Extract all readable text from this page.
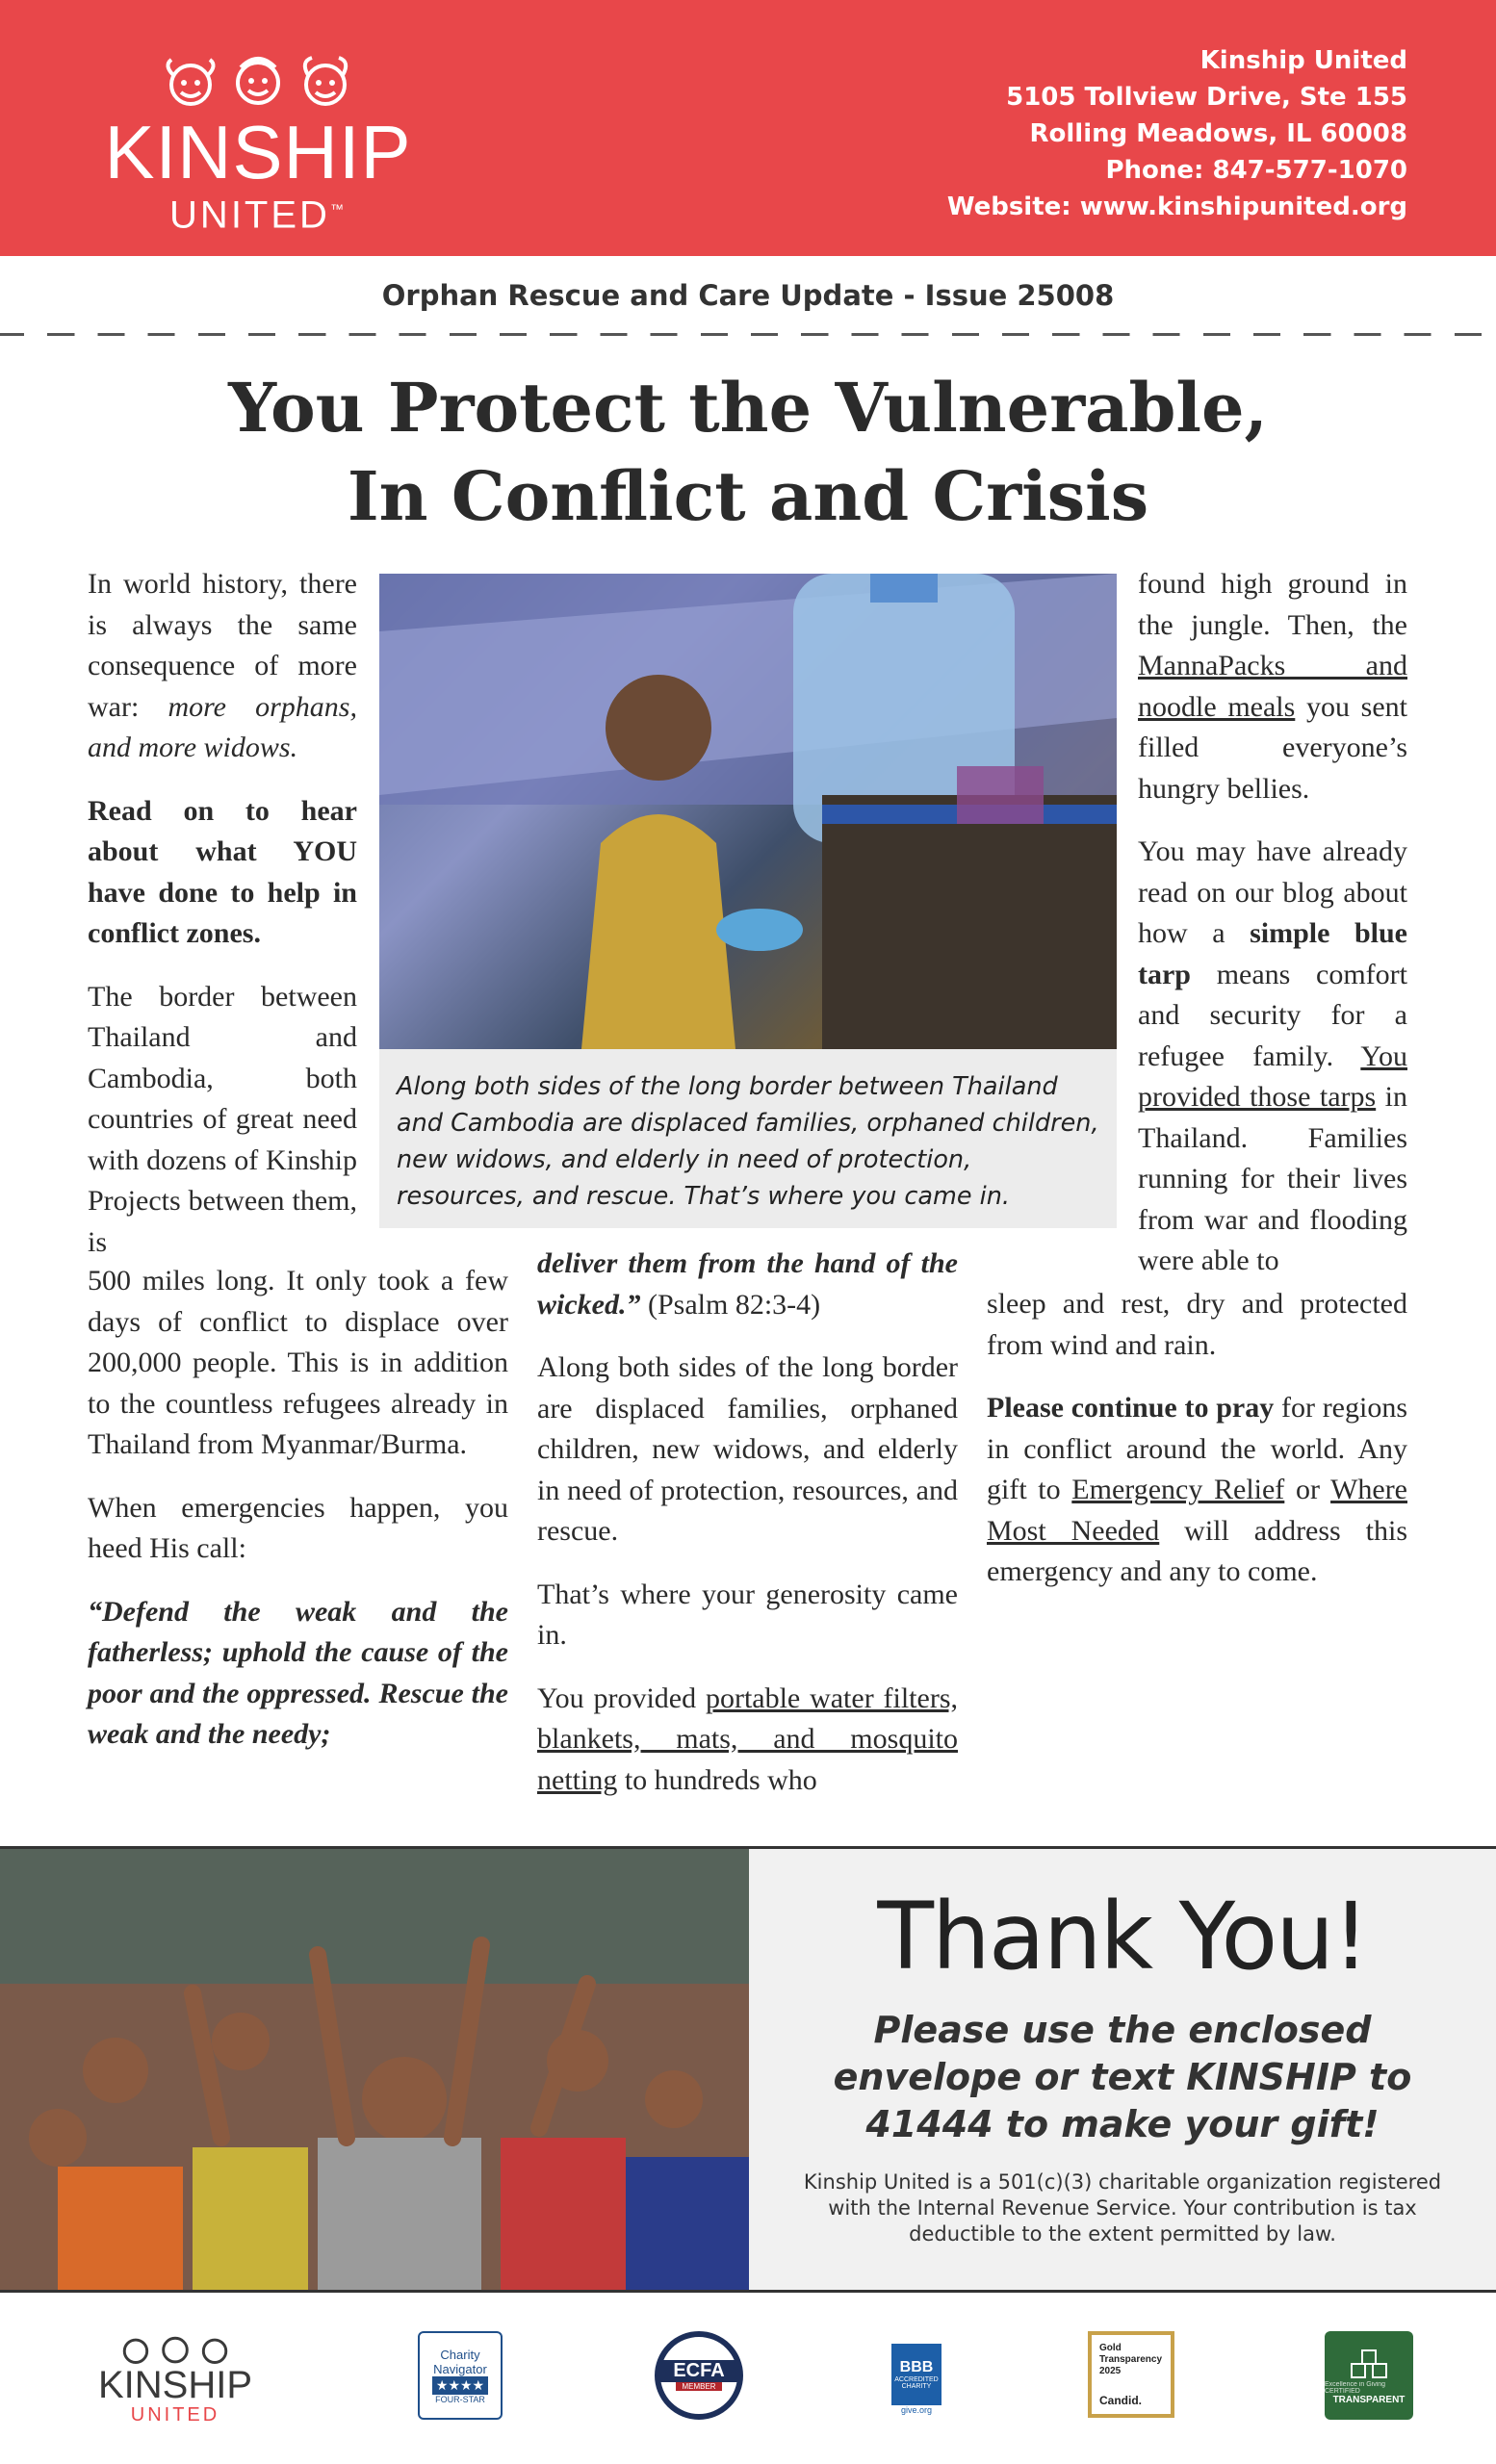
KINSHIP
UNITED™
Kinship United
5105 Tollview Drive, Ste 155
Rolling Meadows, IL 60008
Phone: 847-577-1070
Website: www.kinshipunited.org
Orphan Rescue and Care Update - Issue 25008
You Protect the Vulnerable,
In Conflict and Crisis

In world history, there is always the same consequence of more war: more orphans, and more widows.

Read on to hear about what YOU have done to help in conflict zones.

The border between Thailand and Cambodia, both countries of great need with dozens of Kinship Projects between them, is

500 miles long. It only took a few days of conflict to displace over 200,000 people. This is in addition to the countless refugees already in Thailand from Myanmar/Burma.

When emergencies happen, you heed His call:

“Defend the weak and the fatherless; uphold the cause of the poor and the oppressed. Rescue the weak and the needy;

deliver them from the hand of the wicked.” (Psalm 82:3-4)

Along both sides of the long border are displaced families, orphaned children, new widows, and elderly in need of protection, resources, and rescue.

That’s where your generosity came in.

You provided portable water filters, blankets, mats, and mosquito netting to hundreds who

found high ground in the jungle. Then, the MannaPacks and noodle meals you sent filled everyone’s hungry bellies.

You may have already read on our blog about how a simple blue tarp means comfort and security for a refugee family. You provided those tarps in Thailand. Families running for their lives from war and flooding were able to

sleep and rest, dry and protected from wind and rain.

Please continue to pray for regions in conflict around the world. Any gift to Emergency Relief or Where Most Needed will address this emergency and any to come.

Along both sides of the long border between Thailand and Cambodia are displaced families, orphaned children, new widows, and elderly in need of protection, resources, and rescue. That’s where you came in.
Thank You!
Please use the enclosed envelope or text KINSHIP to 41444 to make your gift!
Kinship United is a 501(c)(3) charitable organization registered with the Internal Revenue Service. Your contribution is tax deductible to the extent permitted by law.
KINSHIP
UNITED
Charity Navigator
★★★★
FOUR-STAR
ECFA
MEMBER
BBB
ACCREDITED CHARITY
give.org
Gold Transparency 2025
Candid.
Excellence in Giving CERTIFIED
TRANSPARENT
